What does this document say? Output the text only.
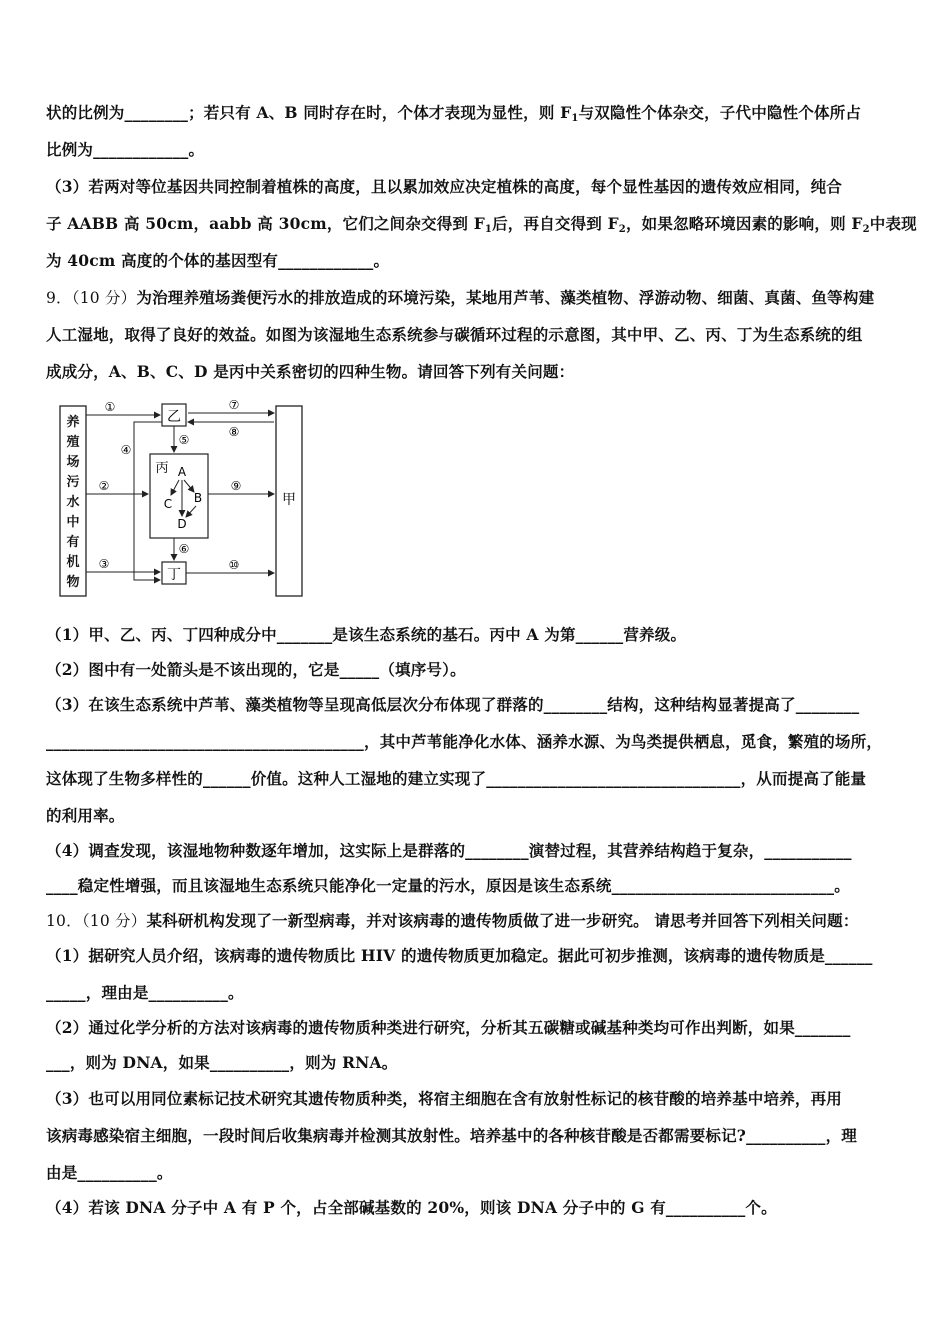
状的比例为________；若只有 A、B 同时存在时，个体才表现为显性，则 $F_1$与双隐性个体杂交，子代中隐性个体所占
比例为____________。
（3）若两对等位基因共同控制着植株的高度，且以累加效应决定植株的高度，每个显性基因的遗传效应相同，纯合
子 AABB 高 50cm，aabb 高 30cm，它们之间杂交得到 $F_1$后，再自交得到 $F_2$，如果忽略环境因素的影响，则 $F_2$中表现
为 40cm 高度的个体的基因型有____________。
9．（10 分）为治理养殖场粪便污水的排放造成的环境污染，某地用芦苇、藻类植物、浮游动物、细菌、真菌、鱼等构建
人工湿地，取得了良好的效益。如图为该湿地生态系统参与碳循环过程的示意图，其中甲、乙、丙、丁为生态系统的组
成成分，A、B、C、D 是丙中关系密切的四种生物。请回答下列有关问题：
养
殖
场
污
水
中
有
机
物
乙
丙 A
C B
D
丁
甲
①
②
③
④
⑤
⑥
⑦
⑧
⑨
⑩
（1）甲、乙、丙、丁四种成分中_______是该生态系统的基石。丙中 A 为第______营养级。
（2）图中有一处箭头是不该出现的，它是_____（填序号）。
（3）在该生态系统中芦苇、藻类植物等呈现高低层次分布体现了群落的________结构，这种结构显著提高了________
________________________________________，其中芦苇能净化水体、涵养水源、为鸟类提供栖息，觅食，繁殖的场所，
这体现了生物多样性的______价值。这种人工湿地的建立实现了________________________________，从而提高了能量
的利用率。
（4）调查发现，该湿地物种数逐年增加，这实际上是群落的________演替过程，其营养结构趋于复杂，___________
____稳定性增强，而且该湿地生态系统只能净化一定量的污水，原因是该生态系统____________________________。
10．（10 分）某科研机构发现了一新型病毒，并对该病毒的遗传物质做了进一步研究。 请思考并回答下列相关问题：
（1）据研究人员介绍，该病毒的遗传物质比 HIV 的遗传物质更加稳定。据此可初步推测，该病毒的遗传物质是______
_____，理由是__________。
（2）通过化学分析的方法对该病毒的遗传物质种类进行研究，分析其五碳糖或碱基种类均可作出判断，如果_______
___，则为 DNA，如果__________，则为 RNA。
（3）也可以用同位素标记技术研究其遗传物质种类，将宿主细胞在含有放射性标记的核苷酸的培养基中培养，再用
该病毒感染宿主细胞，一段时间后收集病毒并检测其放射性。培养基中的各种核苷酸是否都需要标记?__________，理
由是__________。
（4）若该 DNA 分子中 A 有 P 个，占全部碱基数的 20%，则该 DNA 分子中的 G 有__________个。
